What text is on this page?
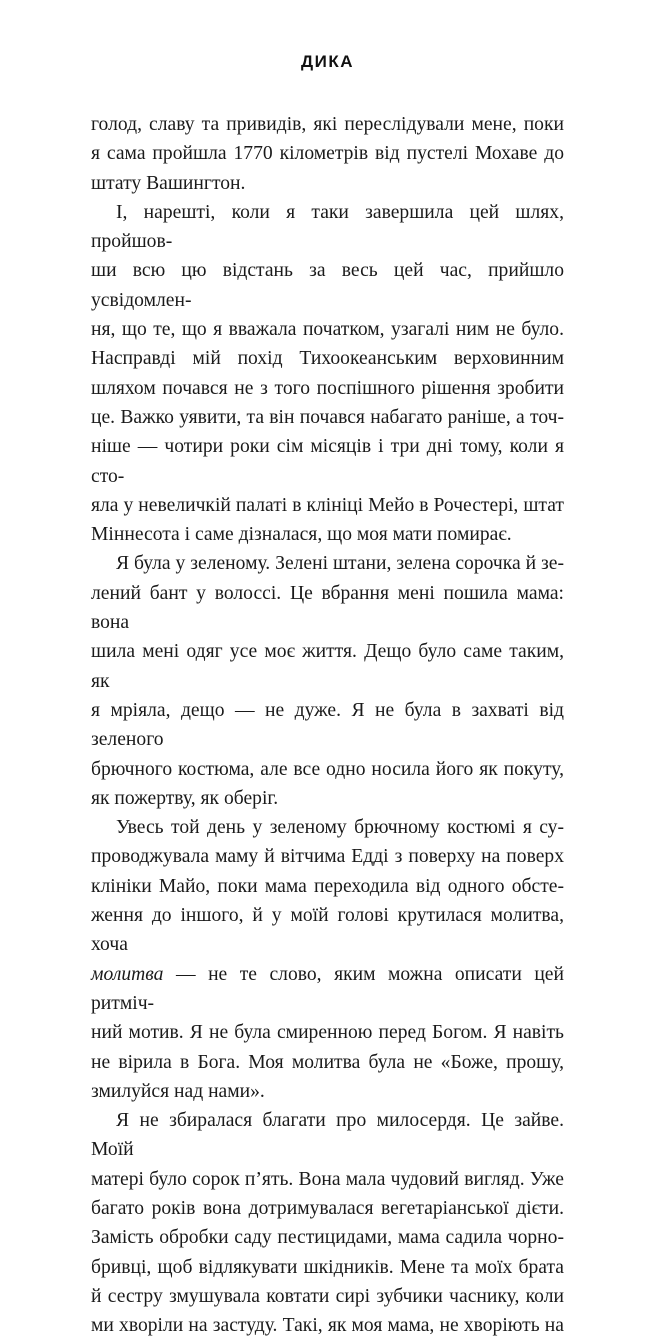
ДИКА

голод, славу та привидів, які переслідували мене, поки

я сама пройшла 1770 кілометрів від пустелі Мохаве до

штату Вашингтон.

І, нарешті, коли я таки завершила цей шлях, пройшов-

ши всю цю відстань за весь цей час, прийшло усвідомлен-

ня, що те, що я вважала початком, узагалі ним не було.

Насправді мій похід Тихоокеанським верховинним

шляхом почався не з того поспішного рішення зробити

це. Важко уявити, та він почався набагато раніше, а точ-

ніше — чотири роки сім місяців і три дні тому, коли я сто-

яла у невеличкій палаті в клініці Мейо в Рочестері, штат

Міннесота і саме дізналася, що моя мати помирає.

Я була у зеленому. Зелені штани, зелена сорочка й зе-

лений бант у волоссі. Це вбрання мені пошила мама: вона

шила мені одяг усе моє життя. Дещо було саме таким, як

я мріяла, дещо — не дуже. Я не була в захваті від зеленого

брючного костюма, але все одно носила його як покуту,

як пожертву, як оберіг.

Увесь той день у зеленому брючному костюмі я су-

проводжувала маму й вітчима Едді з поверху на поверх

клініки Майо, поки мама переходила від одного обсте-

ження до іншого, й у моїй голові крутилася молитва, хоча

молитва — не те слово, яким можна описати цей ритміч-

ний мотив. Я не була смиренною перед Богом. Я навіть

не вірила в Бога. Моя молитва була не «Боже, прошу,

змилуйся над нами».

Я не збиралася благати про милосердя. Це зайве. Моїй

матері було сорок п’ять. Вона мала чудовий вигляд. Уже

багато років вона дотримувалася вегетаріанської дієти.

Замість обробки саду пестицидами, мама садила чорно-

бривці, щоб відлякувати шкідників. Мене та моїх брата

й сестру змушувала ковтати сирі зубчики часнику, коли

ми хворіли на застуду. Такі, як моя мама, не хворіють на
